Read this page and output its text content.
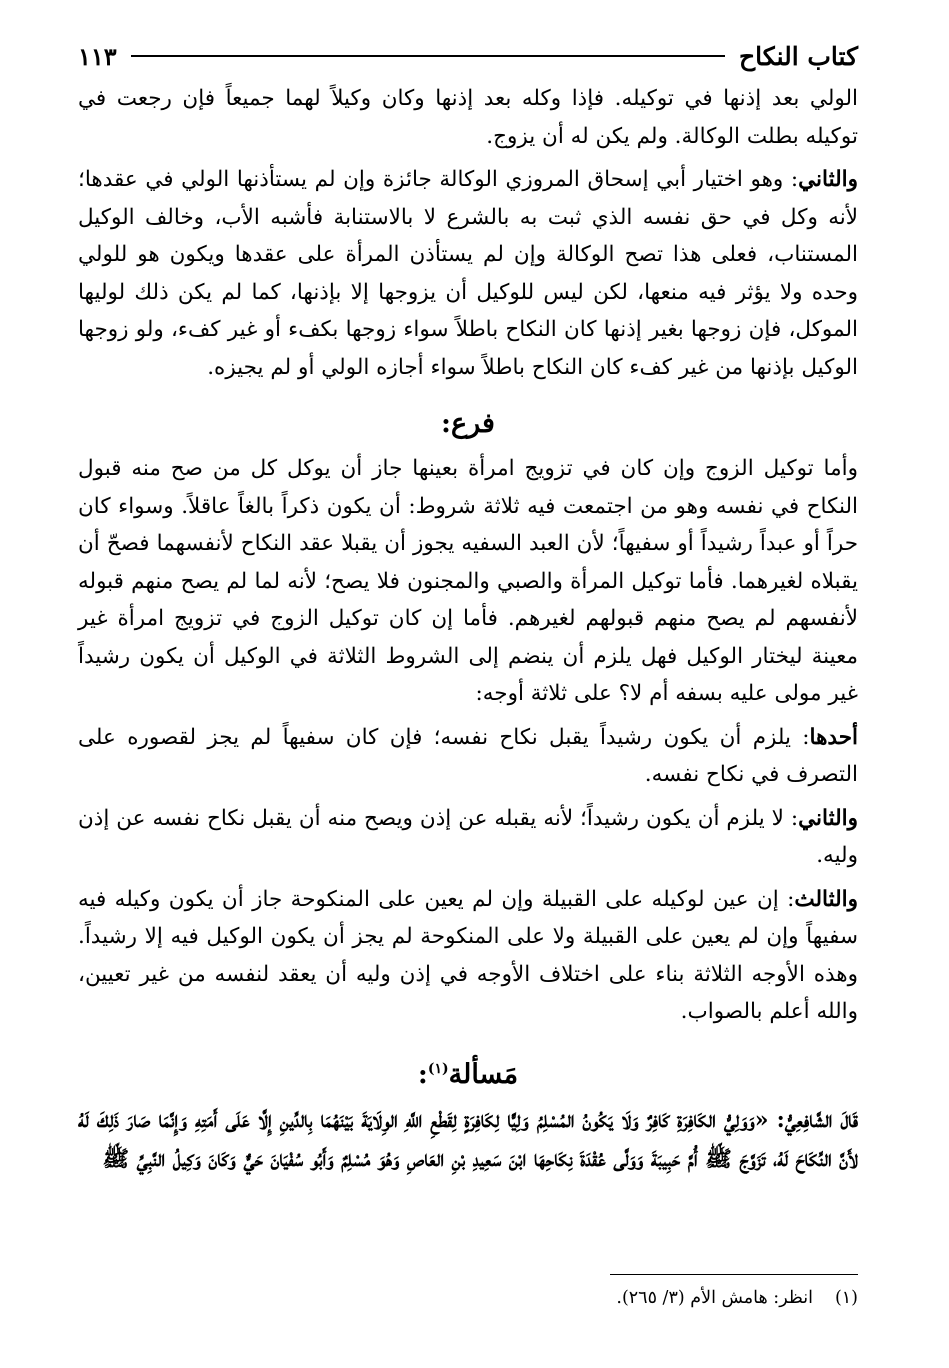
كتاب النكاح
١١٣

الولي بعد إذنها في توكيله. فإذا وكله بعد إذنها وكان وكيلاً لهما جميعاً فإن رجعت في توكيله بطلت الوكالة. ولم يكن له أن يزوج.

والثاني: وهو اختيار أبي إسحاق المروزي الوكالة جائزة وإن لم يستأذنها الولي في عقدها؛ لأنه وكل في حق نفسه الذي ثبت به بالشرع لا بالاستنابة فأشبه الأب، وخالف الوكيل المستناب، فعلى هذا تصح الوكالة وإن لم يستأذن المرأة على عقدها ويكون هو للولي وحده ولا يؤثر فيه منعها، لكن ليس للوكيل أن يزوجها إلا بإذنها، كما لم يكن ذلك لوليها الموكل، فإن زوجها بغير إذنها كان النكاح باطلاً سواء زوجها بكفء أو غير كفء، ولو زوجها الوكيل بإذنها من غير كفء كان النكاح باطلاً سواء أجازه الولي أو لم يجيزه.

فرع:

وأما توكيل الزوج وإن كان في تزويج امرأة بعينها جاز أن يوكل كل من صح منه قبول النكاح في نفسه وهو من اجتمعت فيه ثلاثة شروط: أن يكون ذكراً بالغاً عاقلاً. وسواء كان حراً أو عبداً رشيداً أو سفيهاً؛ لأن العبد السفيه يجوز أن يقبلا عقد النكاح لأنفسهما فصحّ أن يقبلاه لغيرهما. فأما توكيل المرأة والصبي والمجنون فلا يصح؛ لأنه لما لم يصح منهم قبوله لأنفسهم لم يصح منهم قبولهم لغيرهم. فأما إن كان توكيل الزوج في تزويج امرأة غير معينة ليختار الوكيل فهل يلزم أن ينضم إلى الشروط الثلاثة في الوكيل أن يكون رشيداً غير مولى عليه بسفه أم لا؟ على ثلاثة أوجه:

أحدها: يلزم أن يكون رشيداً يقبل نكاح نفسه؛ فإن كان سفيهاً لم يجز لقصوره على التصرف في نكاح نفسه.

والثاني: لا يلزم أن يكون رشيداً؛ لأنه يقبله عن إذن ويصح منه أن يقبل نكاح نفسه عن إذن وليه.

والثالث: إن عين لوكيله على القبيلة وإن لم يعين على المنكوحة جاز أن يكون وكيله فيه سفيهاً وإن لم يعين على القبيلة ولا على المنكوحة لم يجز أن يكون الوكيل فيه إلا رشيداً. وهذه الأوجه الثلاثة بناء على اختلاف الأوجه في إذن وليه أن يعقد لنفسه من غير تعيين، والله أعلم بالصواب.

مَسألة$^{(١)}$:

قَالَ الشَّافِعِيُّ: «وَوَلِيُّ الكَافِرَةِ كَافِرٌ وَلَا يَكُونُ المُسْلِمُ وَلِيًّا لِكَافِرَةٍ لِقَطْعِ اللَّهِ الوِلَايَةَ بَيْنَهُمَا بِالدِّينِ إِلَّا عَلَى أَمَتِهِ وَإِنَّمَا صَارَ ذَلِكَ لَهُ لأَنَّ النِّكَاحَ لَهُ، تَزَوَّجَ ﷺ أُمَّ حَبِيبَةَ وَوَلَّى عُقْدَةَ نِكَاحِهَا ابْنَ سَعِيدِ بْنِ العَاصِ وَهُوَ مُسْلِمٌ وَأَبُو سُفْيَانَ حَيٌّ وَكَانَ وَكِيلُ النَّبِيِّ ﷺ

(١)انظر: هامش الأم (٣/ ٢٦٥).
